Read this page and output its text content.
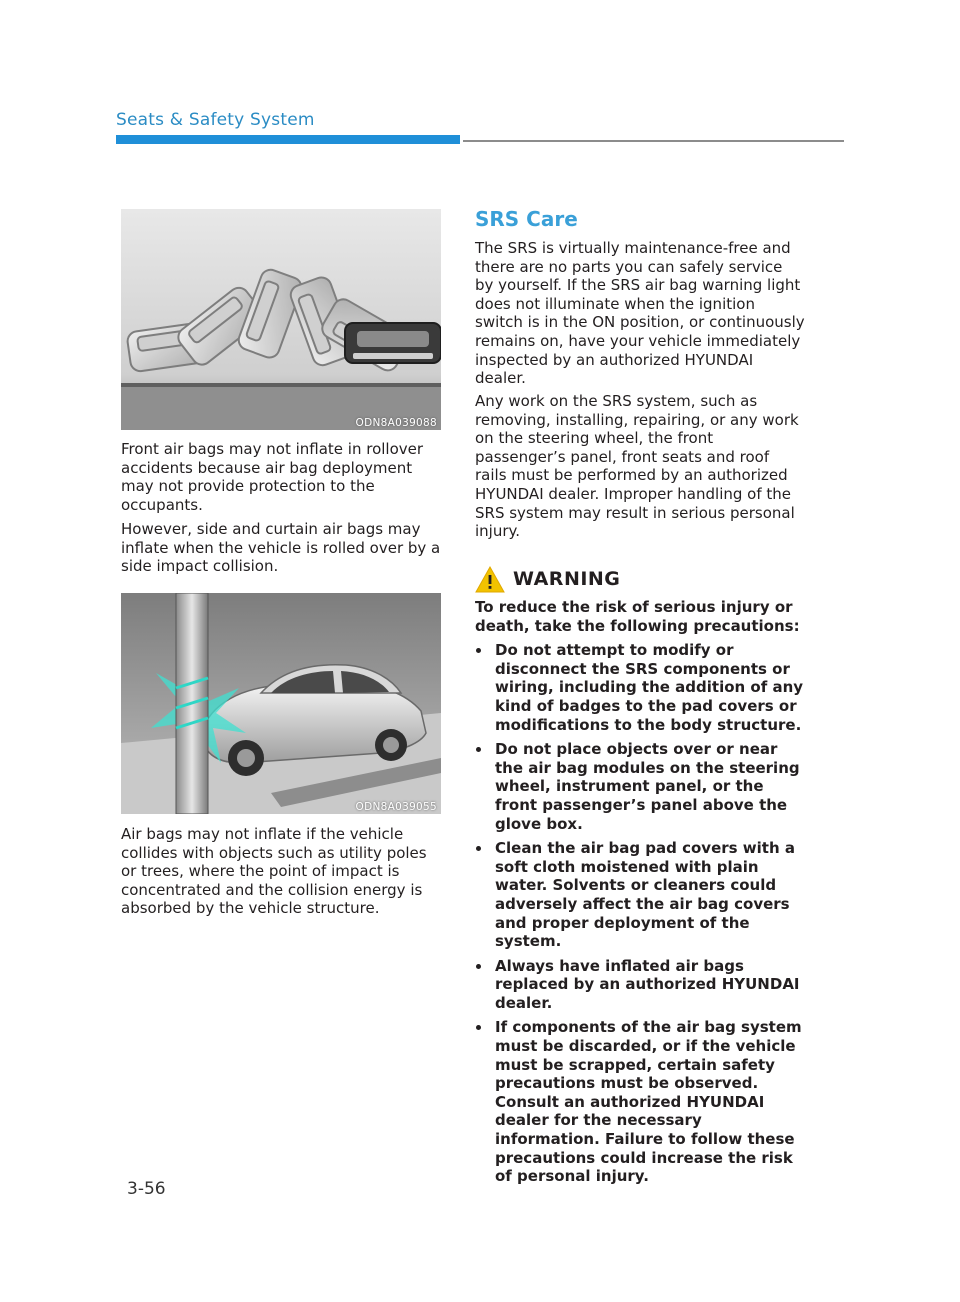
Seats & Safety System
ODN8A039088

Front air bags may not inflate in rollover accidents because air bag deployment may not provide protection to the occupants.

However, side and curtain air bags may inflate when the vehicle is rolled over by a side impact collision.

ODN8A039055

Air bags may not inflate if the vehicle collides with objects such as utility poles or trees, where the point of impact is concentrated and the collision energy is absorbed by the vehicle structure.

SRS Care

The SRS is virtually maintenance-free and there are no parts you can safely service by yourself. If the SRS air bag warning light does not illuminate when the ignition switch is in the ON position, or continuously remains on, have your vehicle immediately inspected by an authorized HYUNDAI dealer.

Any work on the SRS system, such as removing, installing, repairing, or any work on the steering wheel, the front passenger’s panel, front seats and roof rails must be performed by an authorized HYUNDAI dealer. Improper handling of the SRS system may result in serious personal injury.

WARNING
To reduce the risk of serious injury or death, take the following precautions:
Do not attempt to modify or disconnect the SRS components or wiring, including the addition of any kind of badges to the pad covers or modifications to the body structure.
Do not place objects over or near the air bag modules on the steering wheel, instrument panel, or the front passenger’s panel above the glove box.
Clean the air bag pad covers with a soft cloth moistened with plain water. Solvents or cleaners could adversely affect the air bag covers and proper deployment of the system.
Always have inflated air bags replaced by an authorized HYUNDAI dealer.
If components of the air bag system must be discarded, or if the vehicle must be scrapped, certain safety precautions must be observed. Consult an authorized HYUNDAI dealer for the necessary information. Failure to follow these precautions could increase the risk of personal injury.
3-56
